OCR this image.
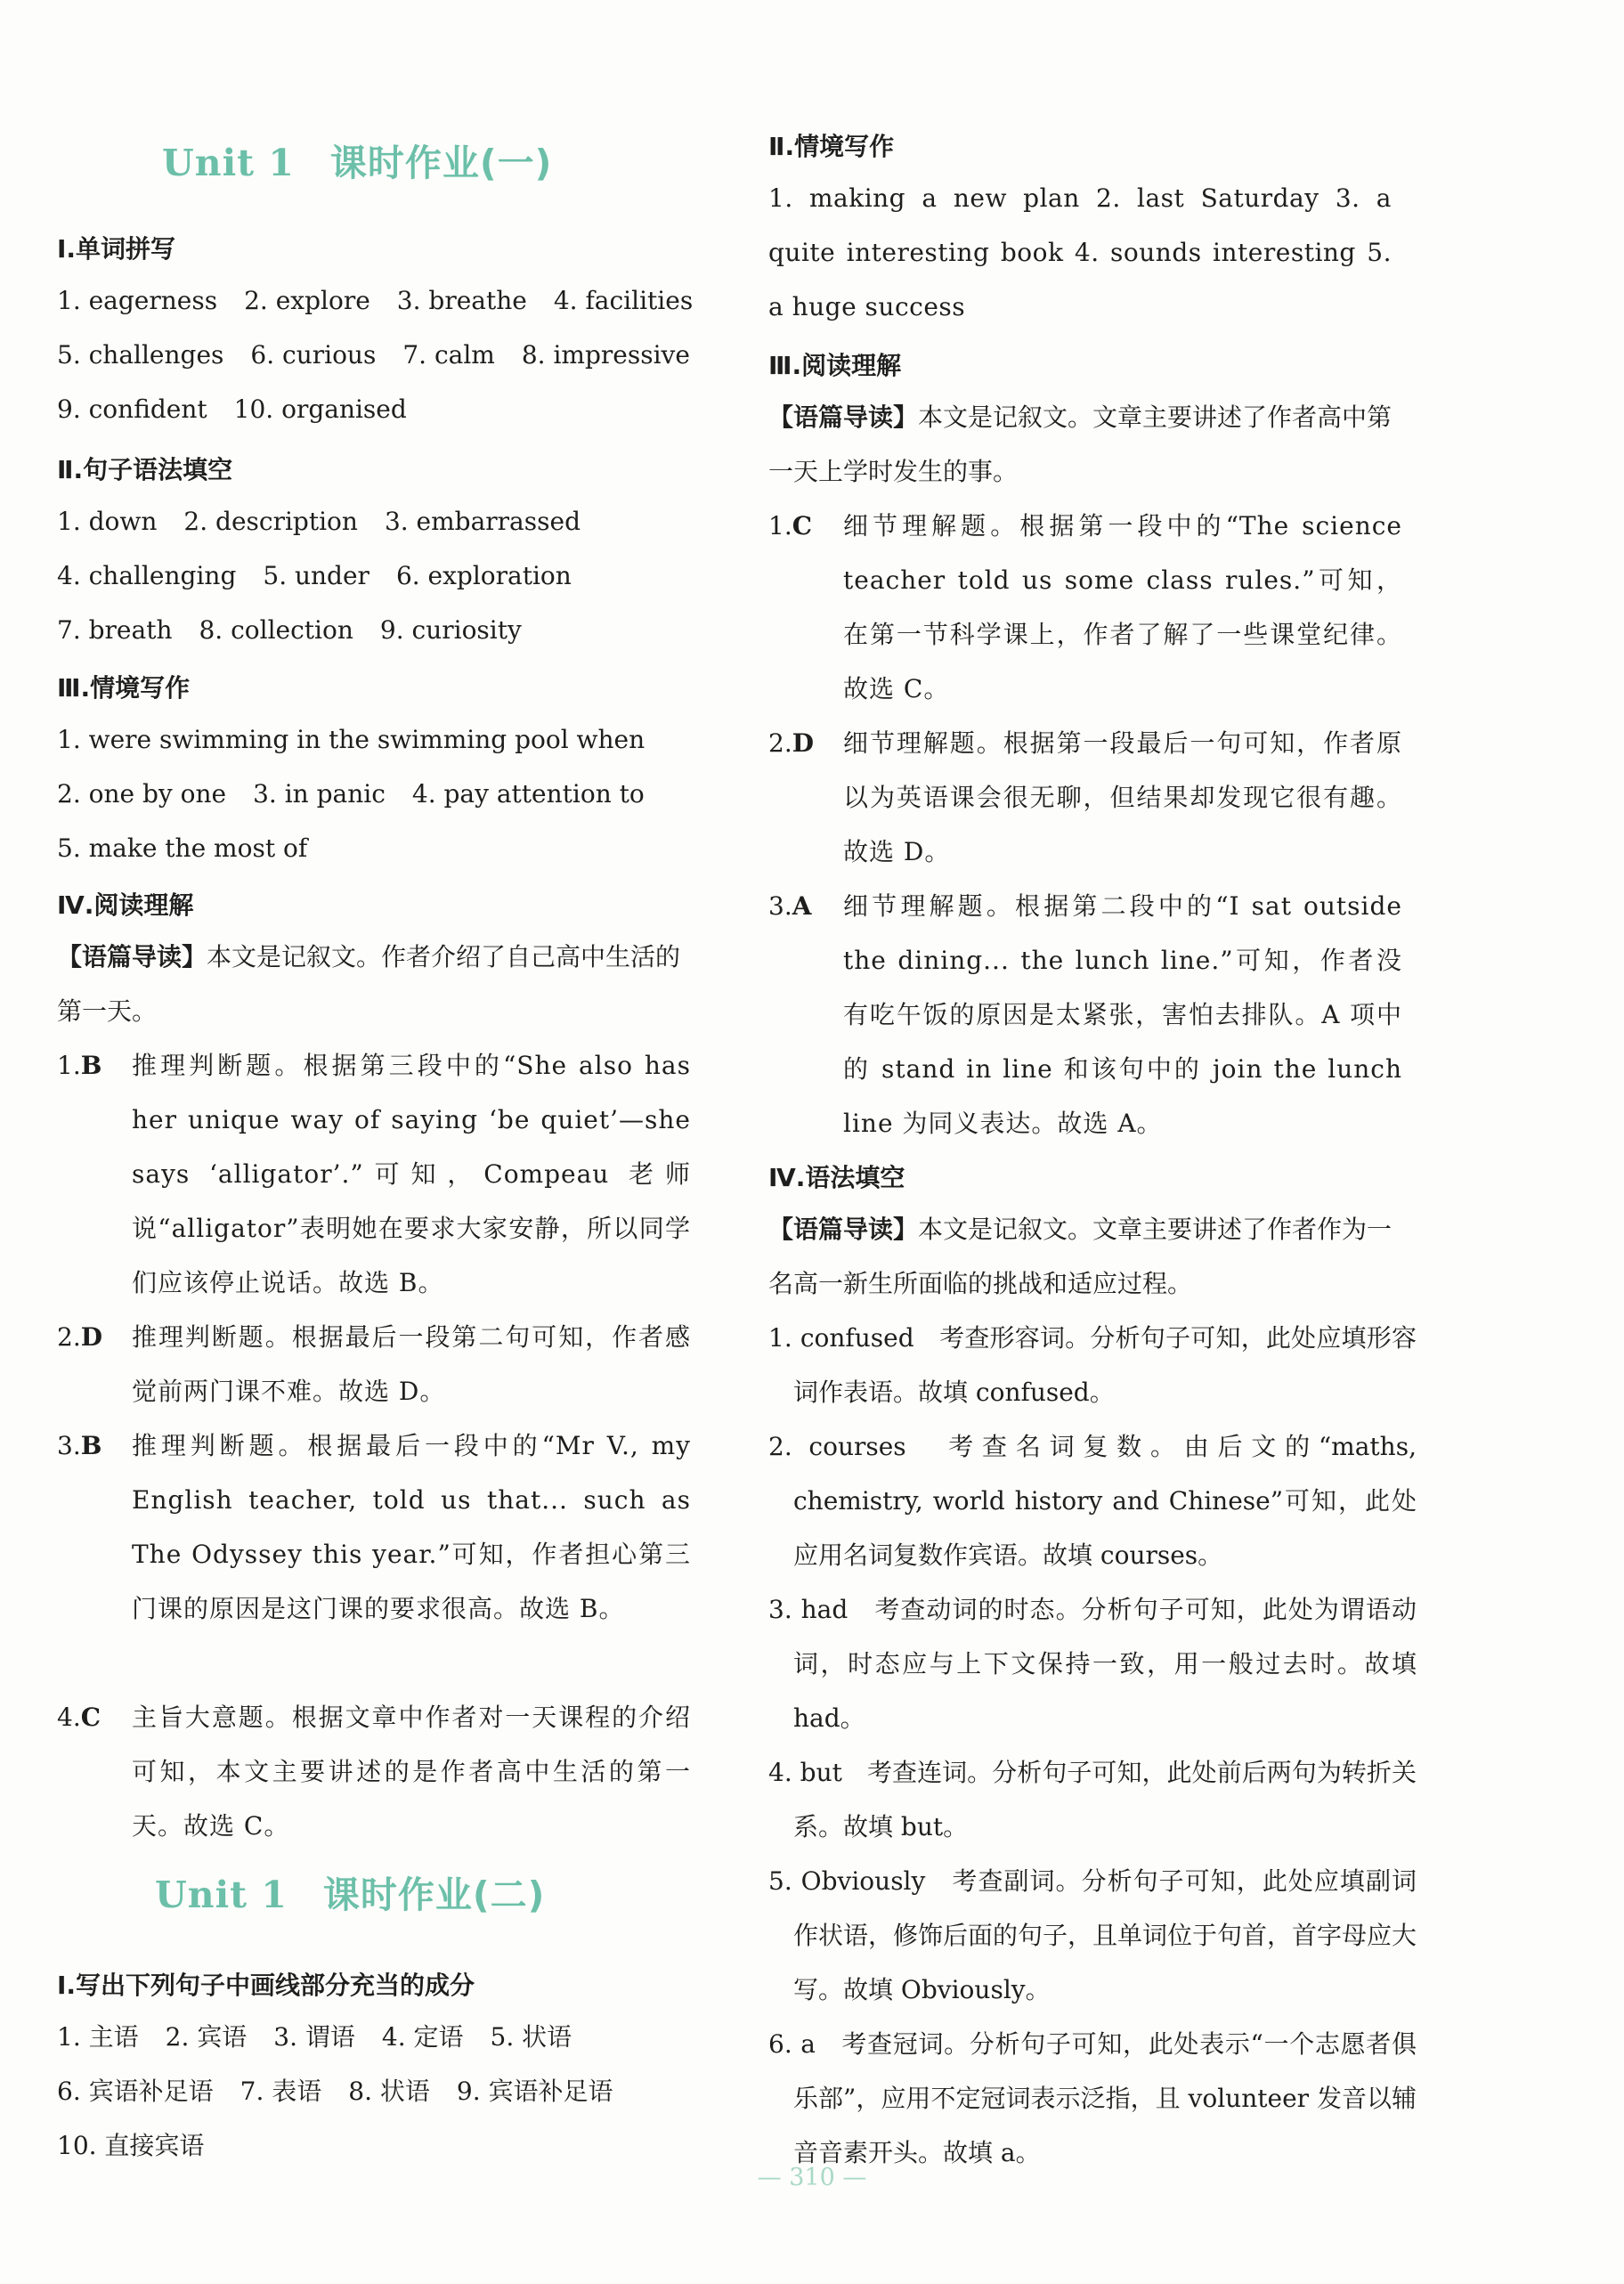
Unit 1 课时作业(一)
Ⅰ.单词拼写
1. eagerness 2. explore 3. breathe 4. facilities
5. challenges 6. curious 7. calm 8. impressive
9. confident 10. organised
Ⅱ.句子语法填空
1. down 2. description 3. embarrassed
4. challenging 5. under 6. exploration
7. breath 8. collection 9. curiosity
Ⅲ.情境写作
1. were swimming in the swimming pool when
2. one by one 3. in panic 4. pay attention to
5. make the most of
Ⅳ.阅读理解
【语篇导读】本文是记叙文。作者介绍了自己高中生活的第一天。
1.B 推理判断题。根据第三段中的“She also has her unique way of saying ‘be quiet’—she says ‘alligator’.”可知，Compeau 老师说“alligator”表明她在要求大家安静，所以同学们应该停止说话。故选 B。
2.D 推理判断题。根据最后一段第二句可知，作者感觉前两门课不难。故选 D。
3.B 推理判断题。根据最后一段中的“Mr V., my English teacher, told us that... such as The Odyssey this year.”可知，作者担心第三门课的原因是这门课的要求很高。故选 B。
4.C 主旨大意题。根据文章中作者对一天课程的介绍可知，本文主要讲述的是作者高中生活的第一天。故选 C。
Unit 1 课时作业(二)
Ⅰ.写出下列句子中画线部分充当的成分
1. 主语 2. 宾语 3. 谓语 4. 定语 5. 状语
6. 宾语补足语 7. 表语 8. 状语 9. 宾语补足语
10. 直接宾语
Ⅱ.情境写作
1. making a new plan 2. last Saturday 3. a quite interesting book 4. sounds interesting 5. a huge success
Ⅲ.阅读理解
【语篇导读】本文是记叙文。文章主要讲述了作者高中第一天上学时发生的事。
1.C 细节理解题。根据第一段中的“The science teacher told us some class rules.”可知，在第一节科学课上，作者了解了一些课堂纪律。故选 C。
2.D 细节理解题。根据第一段最后一句可知，作者原以为英语课会很无聊，但结果却发现它很有趣。故选 D。
3.A 细节理解题。根据第二段中的“I sat outside the dining... the lunch line.”可知，作者没有吃午饭的原因是太紧张，害怕去排队。A 项中的 stand in line 和该句中的 join the lunch line 为同义表达。故选 A。
Ⅳ.语法填空
【语篇导读】本文是记叙文。文章主要讲述了作者作为一名高一新生所面临的挑战和适应过程。
1. confused　 考查形容词。分析句子可知，此处应填形容词作表语。故填 confused。
2. courses　 考查名词复数。由后文的“maths, chemistry, world history and Chinese”可知，此处应用名词复数作宾语。故填 courses。
3. had　 考查动词的时态。分析句子可知，此处为谓语动词，时态应与上下文保持一致，用一般过去时。故填 had。
4. but　 考查连词。分析句子可知，此处前后两句为转折关系。故填 but。
5. Obviously　 考查副词。分析句子可知，此处应填副词作状语，修饰后面的句子，且单词位于句首，首字母应大写。故填 Obviously。
6. a　 考查冠词。分析句子可知，此处表示“一个志愿者俱乐部”，应用不定冠词表示泛指，且 volunteer 发音以辅音音素开头。故填 a。
— 310 —
